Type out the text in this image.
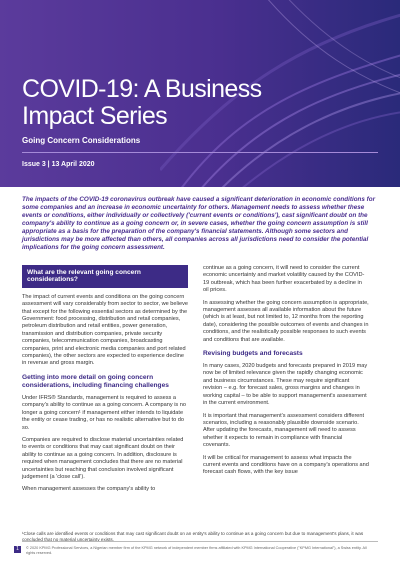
COVID-19: A Business
Impact Series
Going Concern Considerations
Issue 3 | 13 April 2020

The impacts of the COVID-19 coronavirus outbreak have caused a significant deterioration in economic conditions for some companies and an increase in economic uncertainty for others. Management needs to assess whether these events or conditions, either individually or collectively ('current events or conditions'), cast significant doubt on the company's ability to continue as a going concern or, in severe cases, whether the going concern assumption is still appropriate as a basis for the preparation of the company's financial statements. Although some sectors and jurisdictions may be more affected than others, all companies across all jurisdictions need to consider the potential implications for the going concern assessment.

What are the relevant going concern considerations?

The impact of current events and conditions on the going concern assessment will vary considerably from sector to sector, we believe that except for the following essential sectors as determined by the Government: food processing, distribution and retail companies, petroleum distribution and retail entities, power generation, transmission and distribution companies, private security companies, telecommunication companies, broadcasting companies, print and electronic media companies and port related companies), the other sectors are expected to experience decline in revenue and gross margin.

Getting into more detail on going concern considerations, including financing challenges

Under IFRS® Standards, management is required to assess a company's ability to continue as a going concern. A company is no longer a going concern¹ if management either intends to liquidate the entity or cease trading, or has no realistic alternative but to do so.

Companies are required to disclose material uncertainties related to events or conditions that may cast significant doubt on their ability to continue as a going concern. In addition, disclosure is required when management concludes that there are no material uncertainties but reaching that conclusion involved significant judgement (a 'close call').

When management assesses the company's ability to

continue as a going concern, it will need to consider the current economic uncertainty and market volatility caused by the COVID-19 outbreak, which has been further exacerbated by a decline in oil prices.

In assessing whether the going concern assumption is appropriate, management assesses all available information about the future (which is at least, but not limited to, 12 months from the reporting date), considering the possible outcomes of events and changes in conditions, and the realistically possible responses to such events and conditions that are available.

Revising budgets and forecasts

In many cases, 2020 budgets and forecasts prepared in 2019 may now be of limited relevance given the rapidly changing economic and business circumstances. These may require significant revision – e.g. for forecast sales, gross margins and changes in working capital – to be able to support management's assessment in the current environment.

It is important that management's assessment considers different scenarios, including a reasonably plausible downside scenario. After updating the forecasts, management will need to assess whether it expects to remain in compliance with financial covenants.

It will be critical for management to assess what impacts the current events and conditions have on a company's operations and forecast cash flows, with the key issue

¹Close calls are identified events or conditions that may cast significant doubt on an entity's ability to continue as a going concern but due to management's plans, it was concluded that no material uncertainty exists.
1	© 2020 KPMG Professional Services, a Nigerian member firm of the KPMG network of independent member firms affiliated with KPMG International Cooperative ("KPMG International"), a Swiss entity. All rights reserved.
